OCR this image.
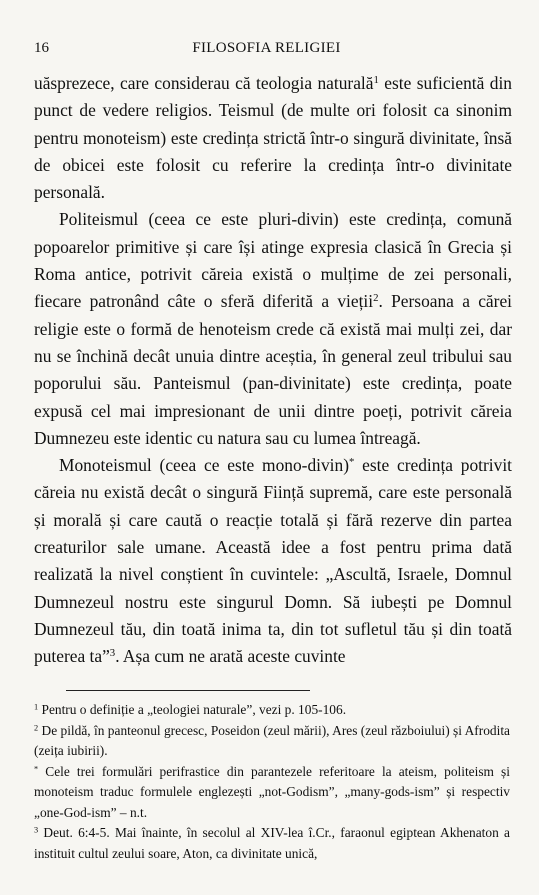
16	FILOSOFIA RELIGIEI

uăsprezece, care considerau că teologia naturală$^1$ este suficientă din punct de vedere religios. Teismul (de multe ori folosit ca sinonim pentru monoteism) este credința strictă într-o singură divinitate, însă de obicei este folosit cu referire la credința într-o divinitate personală.

Politeismul (ceea ce este pluri-divin) este credința, comună popoarelor primitive și care își atinge expresia clasică în Grecia și Roma antice, potrivit căreia există o mulțime de zei personali, fiecare patronând câte o sferă diferită a vieții$^2$. Persoana a cărei religie este o formă de henoteism crede că există mai mulți zei, dar nu se închină decât unuia dintre aceștia, în general zeul tribului sau poporului său. Panteismul (pan-divinitate) este credința, poate expusă cel mai impresionant de unii dintre poeți, potrivit căreia Dumnezeu este identic cu natura sau cu lumea întreagă.

Monoteismul (ceea ce este mono-divin)* este credința potrivit căreia nu există decât o singură Ființă supremă, care este personală și morală și care caută o reacție totală și fără rezerve din partea creaturilor sale umane. Această idee a fost pentru prima dată realizată la nivel conștient în cuvintele: „Ascultă, Israele, Domnul Dumnezeul nostru este singurul Domn. Să iubești pe Domnul Dumnezeul tău, din toată inima ta, din tot sufletul tău și din toată puterea ta”$^3$. Așa cum ne arată aceste cuvinte

$^1$ Pentru o definiție a „teologiei naturale”, vezi p. 105-106.

$^2$ De pildă, în panteonul grecesc, Poseidon (zeul mării), Ares (zeul războiului) și Afrodita (zeița iubirii).

* Cele trei formulări perifrastice din parantezele referitoare la ateism, politeism și monoteism traduc formulele englezești „not-Godism”, „many-gods-ism” și respectiv „one-God-ism” – n.t.

$^3$ Deut. 6:4-5. Mai înainte, în secolul al XIV-lea î.Cr., faraonul egiptean Akhenaton a instituit cultul zeului soare, Aton, ca divinitate unică,
